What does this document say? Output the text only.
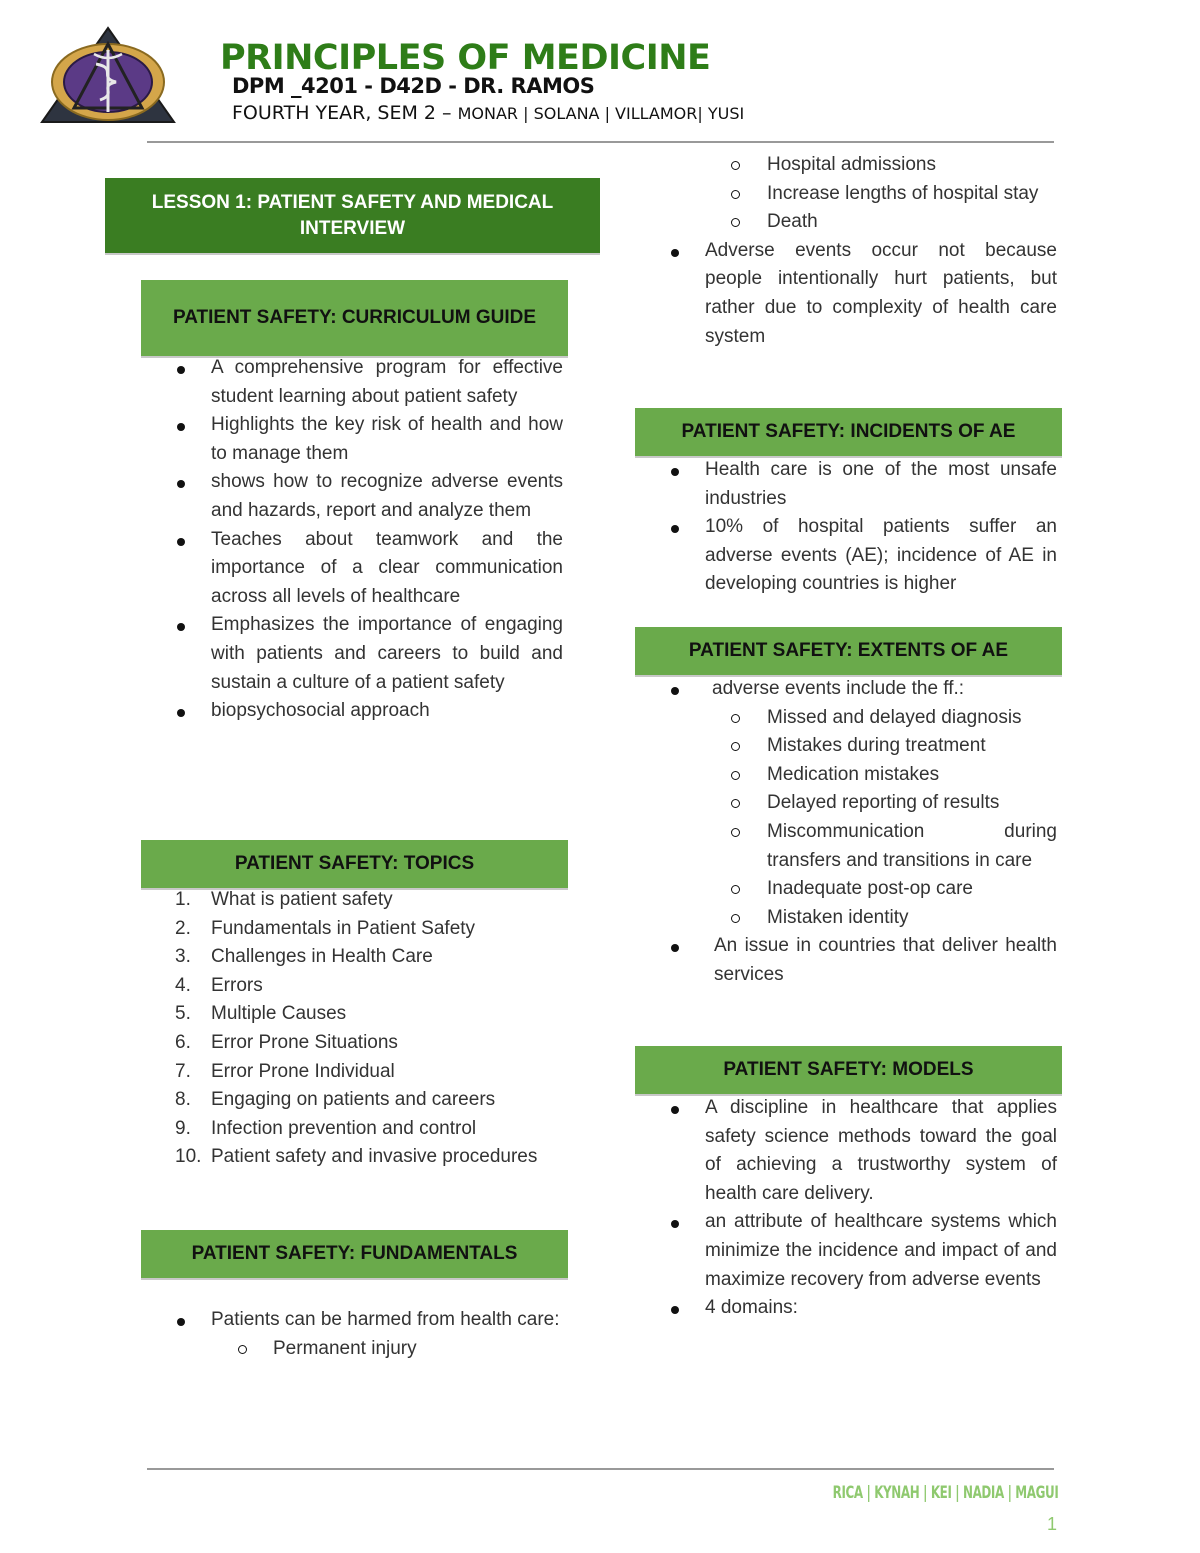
PRINCIPLES OF MEDICINE
DPM _4201 - D42D - DR. RAMOS
FOURTH YEAR, SEM 2 – MONAR | SOLANA | VILLAMOR| YUSI
LESSON 1: PATIENT SAFETY AND MEDICAL INTERVIEW
PATIENT SAFETY: CURRICULUM GUIDE
A comprehensive program for effective student learning about patient safety
Highlights the key risk of health and how to manage them
shows how to recognize adverse events and hazards, report and analyze them
Teaches about teamwork and the importance of a clear communication across all levels of healthcare
Emphasizes the importance of engaging with patients and careers to build and sustain a culture of a patient safety
biopsychosocial approach
PATIENT SAFETY: TOPICS
1. What is patient safety
2. Fundamentals in Patient Safety
3. Challenges in Health Care
4. Errors
5. Multiple Causes
6. Error Prone Situations
7. Error Prone Individual
8. Engaging on patients and careers
9. Infection prevention and control
10. Patient safety and invasive procedures
PATIENT SAFETY: FUNDAMENTALS
Patients can be harmed from health care:
Permanent injury
Hospital admissions
Increase lengths of hospital stay
Death
Adverse events occur not because people intentionally hurt patients, but rather due to complexity of health care system
PATIENT SAFETY: INCIDENTS OF AE
Health care is one of the most unsafe industries
10% of hospital patients suffer an adverse events (AE); incidence of AE in developing countries is higher
PATIENT SAFETY: EXTENTS OF AE
adverse events include the ff.:
Missed and delayed diagnosis
Mistakes during treatment
Medication mistakes
Delayed reporting of results
Miscommunication during transfers and transitions in care
Inadequate post-op care
Mistaken identity
An issue in countries that deliver health services
PATIENT SAFETY: MODELS
A discipline in healthcare that applies safety science methods toward the goal of achieving a trustworthy system of health care delivery.
an attribute of healthcare systems which minimize the incidence and impact of and maximize recovery from adverse events
4 domains:
RICA | KYNAH | KEI | NADIA | MAGUI
1
